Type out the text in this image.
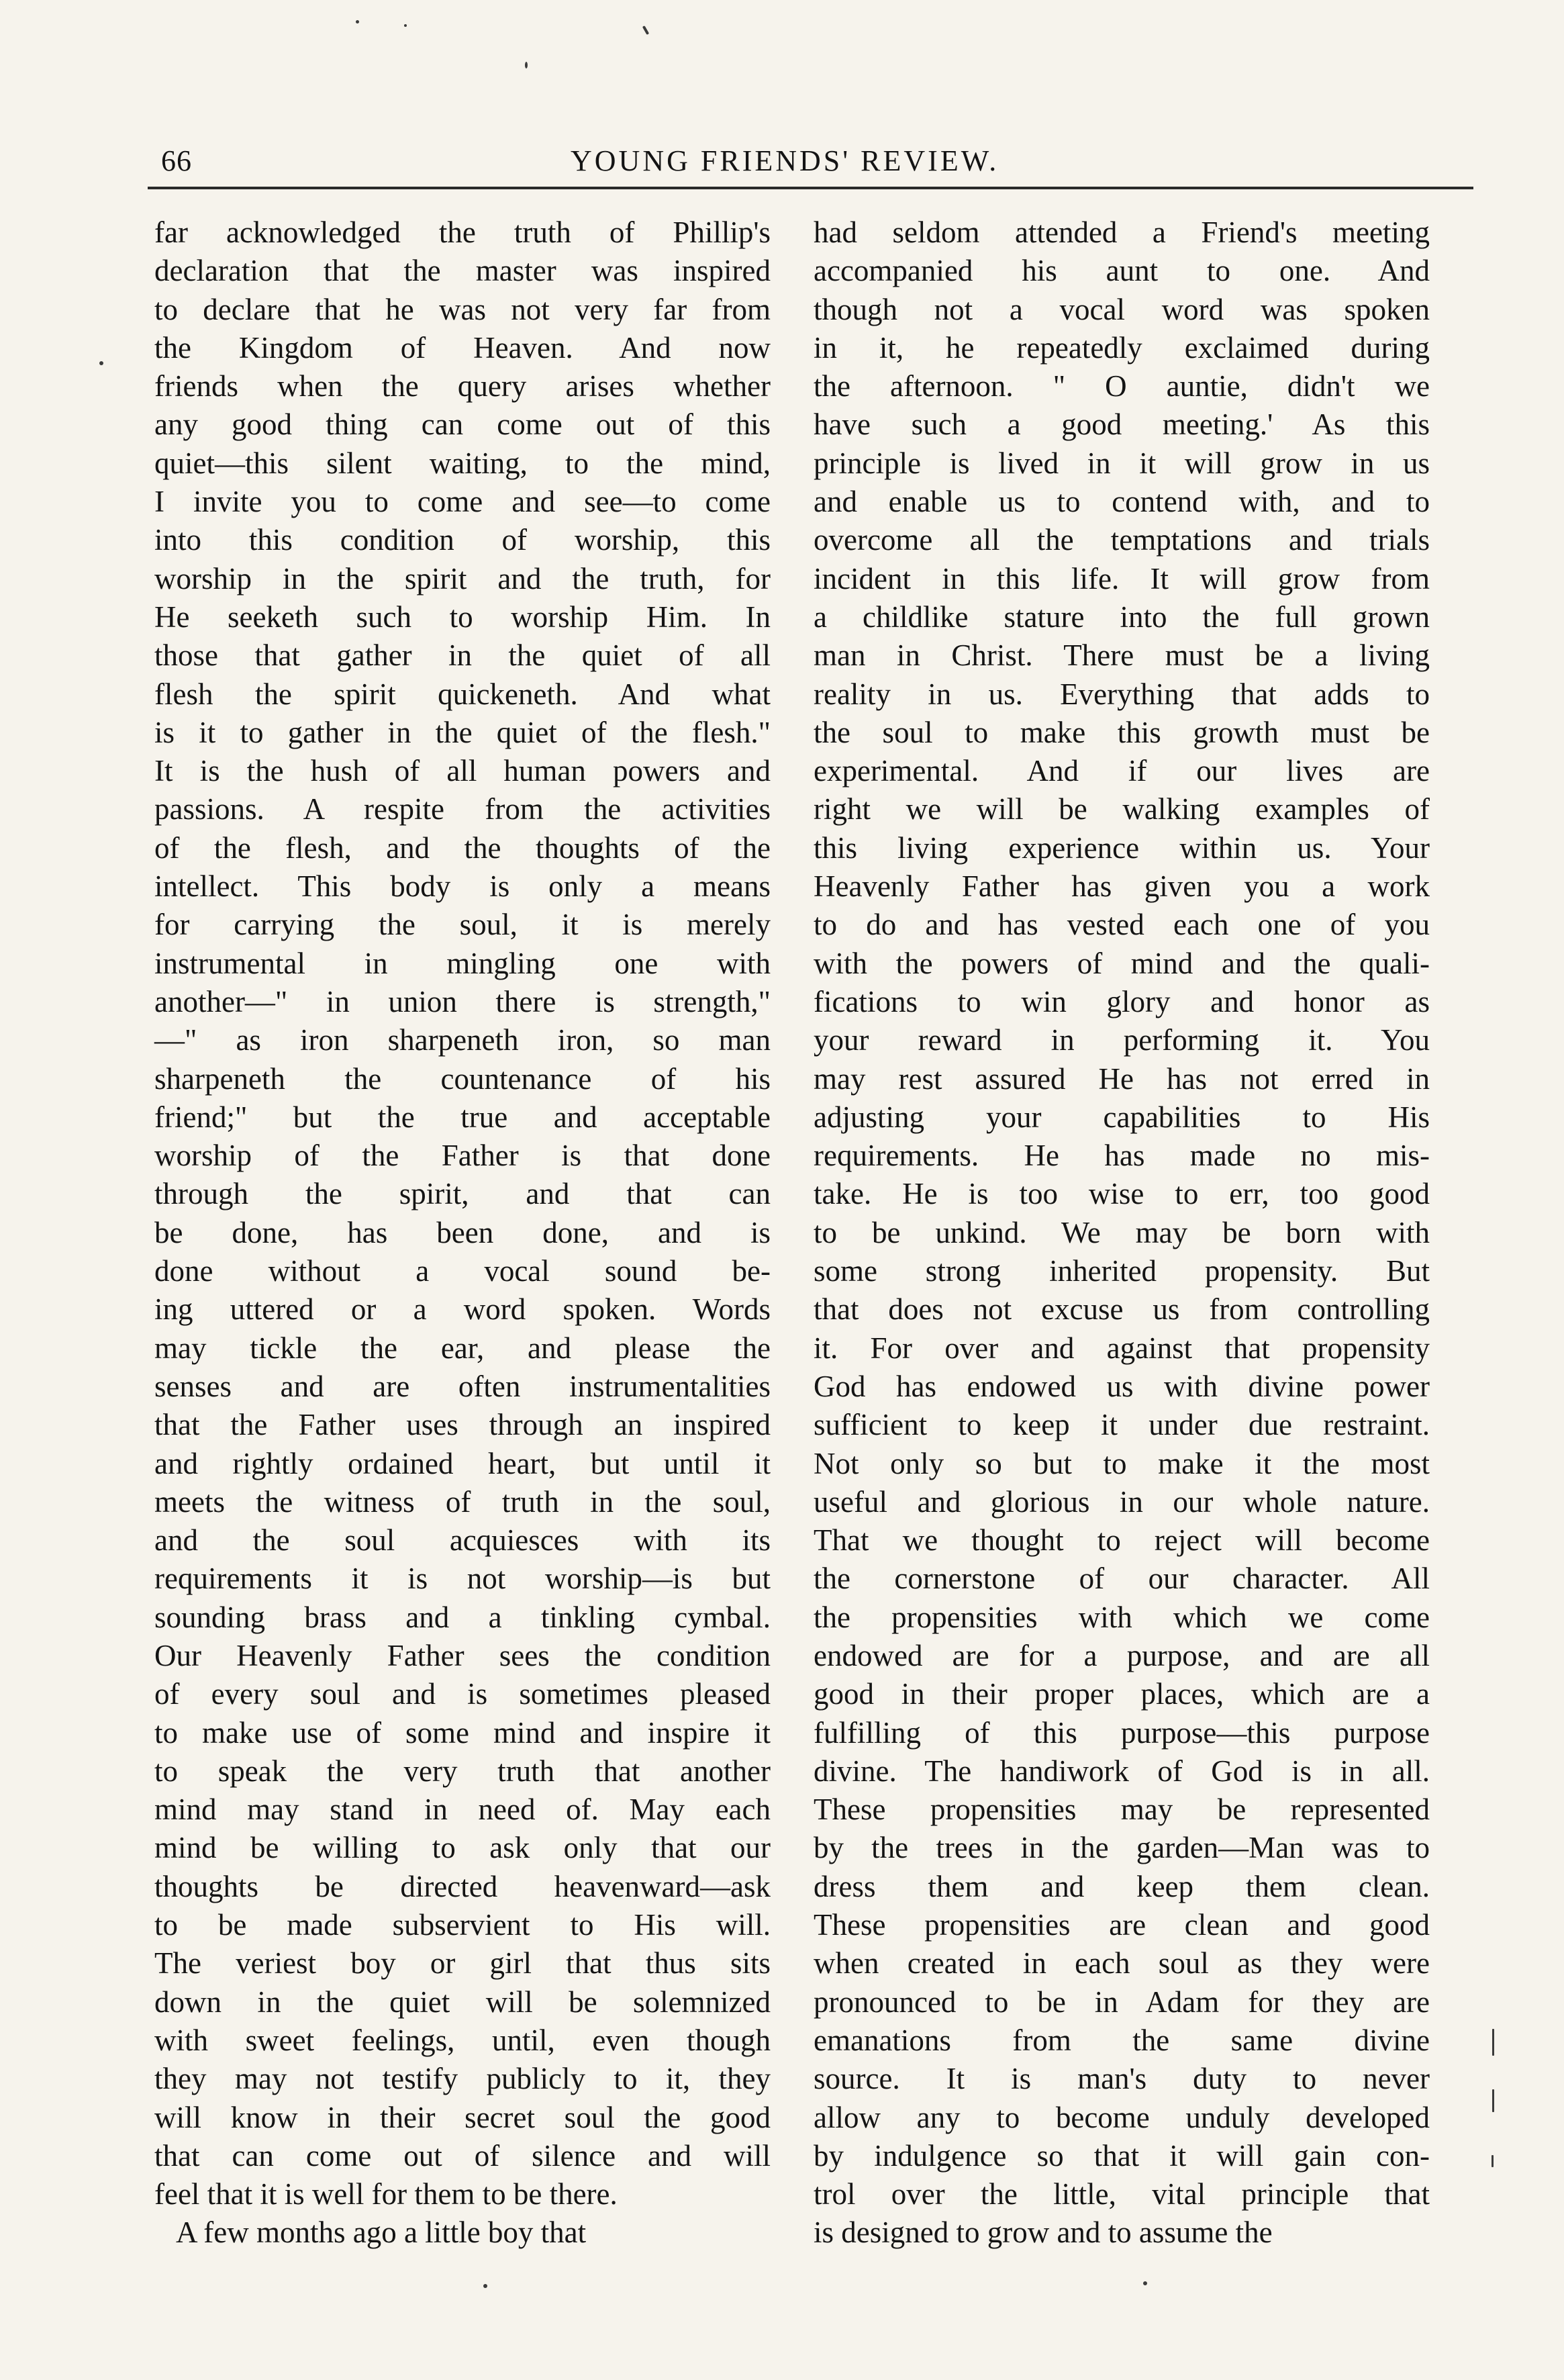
66	YOUNG FRIENDS' REVIEW.
far acknowledged the truth of Phillip's
declaration that the master was inspired
to declare that he was not very far from
the Kingdom of Heaven. And now
friends when the query arises whether
any good thing can come out of this
quiet—this silent waiting, to the mind,
I invite you to come and see—to come
into this condition of worship, this
worship in the spirit and the truth, for
He seeketh such to worship Him. In
those that gather in the quiet of all
flesh the spirit quickeneth. And what
is it to gather in the quiet of the flesh."
It is the hush of all human powers and
passions. A respite from the activities
of the flesh, and the thoughts of the
intellect. This body is only a means
for carrying the soul, it is merely
instrumental in mingling one with
another—" in union there is strength,"
—" as iron sharpeneth iron, so man
sharpeneth the countenance of his
friend;" but the true and acceptable
worship of the Father is that done
through the spirit, and that can
be done, has been done, and is
done without a vocal sound be-
ing uttered or a word spoken. Words
may tickle the ear, and please the
senses and are often instrumentalities
that the Father uses through an inspired
and rightly ordained heart, but until it
meets the witness of truth in the soul,
and the soul acquiesces with its
requirements it is not worship—is but
sounding brass and a tinkling cymbal.
Our Heavenly Father sees the condition
of every soul and is sometimes pleased
to make use of some mind and inspire it
to speak the very truth that another
mind may stand in need of. May each
mind be willing to ask only that our
thoughts be directed heavenward—ask
to be made subservient to His will.
The veriest boy or girl that thus sits
down in the quiet will be solemnized
with sweet feelings, until, even though
they may not testify publicly to it, they
will know in their secret soul the good
that can come out of silence and will
feel that it is well for them to be there.
A few months ago a little boy that
had seldom attended a Friend's meeting
accompanied his aunt to one. And
though not a vocal word was spoken
in it, he repeatedly exclaimed during
the afternoon. " O auntie, didn't we
have such a good meeting.' As this
principle is lived in it will grow in us
and enable us to contend with, and to
overcome all the temptations and trials
incident in this life. It will grow from
a childlike stature into the full grown
man in Christ. There must be a living
reality in us. Everything that adds to
the soul to make this growth must be
experimental. And if our lives are
right we will be walking examples of
this living experience within us. Your
Heavenly Father has given you a work
to do and has vested each one of you
with the powers of mind and the quali-
fications to win glory and honor as
your reward in performing it. You
may rest assured He has not erred in
adjusting your capabilities to His
requirements. He has made no mis-
take. He is too wise to err, too good
to be unkind. We may be born with
some strong inherited propensity. But
that does not excuse us from controlling
it. For over and against that propensity
God has endowed us with divine power
sufficient to keep it under due restraint.
Not only so but to make it the most
useful and glorious in our whole nature.
That we thought to reject will become
the cornerstone of our character. All
the propensities with which we come
endowed are for a purpose, and are all
good in their proper places, which are a
fulfilling of this purpose—this purpose
divine. The handiwork of God is in all.
These propensities may be represented
by the trees in the garden—Man was to
dress them and keep them clean.
These propensities are clean and good
when created in each soul as they were
pronounced to be in Adam for they are
emanations from the same divine
source. It is man's duty to never
allow any to become unduly developed
by indulgence so that it will gain con-
trol over the little, vital principle that
is designed to grow and to assume the
